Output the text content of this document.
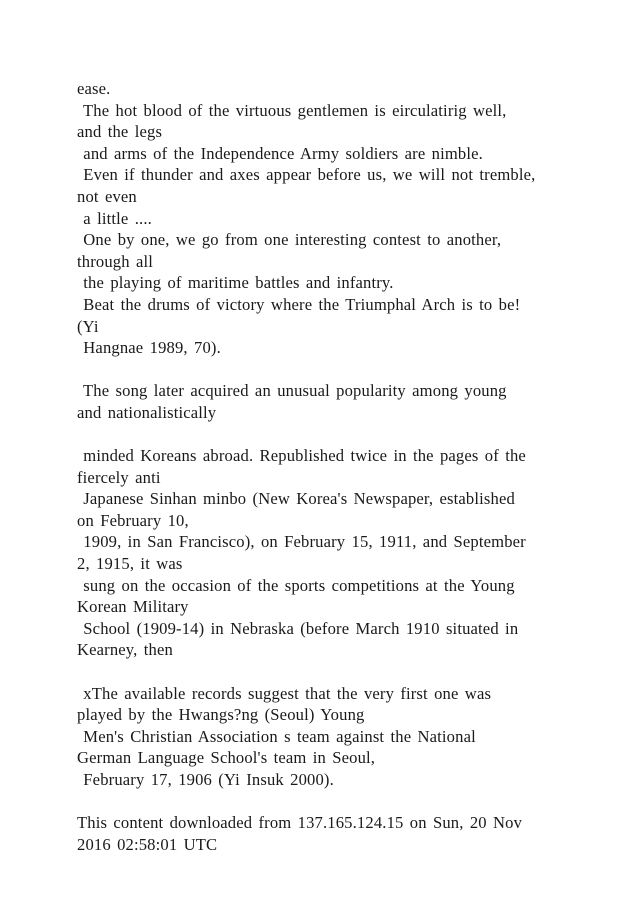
ease.
The hot blood of the virtuous gentlemen is eirculatirig well,
and the legs
and arms of the Independence Army soldiers are nimble.
Even if thunder and axes appear before us, we will not tremble,
not even
a little ....
One by one, we go from one interesting contest to another,
through all
the playing of maritime battles and infantry.
Beat the drums of victory where the Triumphal Arch is to be!
(Yi
Hangnae 1989, 70).
The song later acquired an unusual popularity among young
and nationalistically
minded Koreans abroad. Republished twice in the pages of the
fiercely anti
Japanese Sinhan minbo (New Korea's Newspaper, established
on February 10,
1909, in San Francisco), on February 15, 1911, and September
2, 1915, it was
sung on the occasion of the sports competitions at the Young
Korean Military
School (1909-14) in Nebraska (before March 1910 situated in
Kearney, then
xThe available records suggest that the very first one was
played by the Hwangs?ng (Seoul) Young
Men's Christian Association s team against the National
German Language School's team in Seoul,
February 17, 1906 (Yi Insuk 2000).
This content downloaded from 137.165.124.15 on Sun, 20 Nov
2016 02:58:01 UTC
